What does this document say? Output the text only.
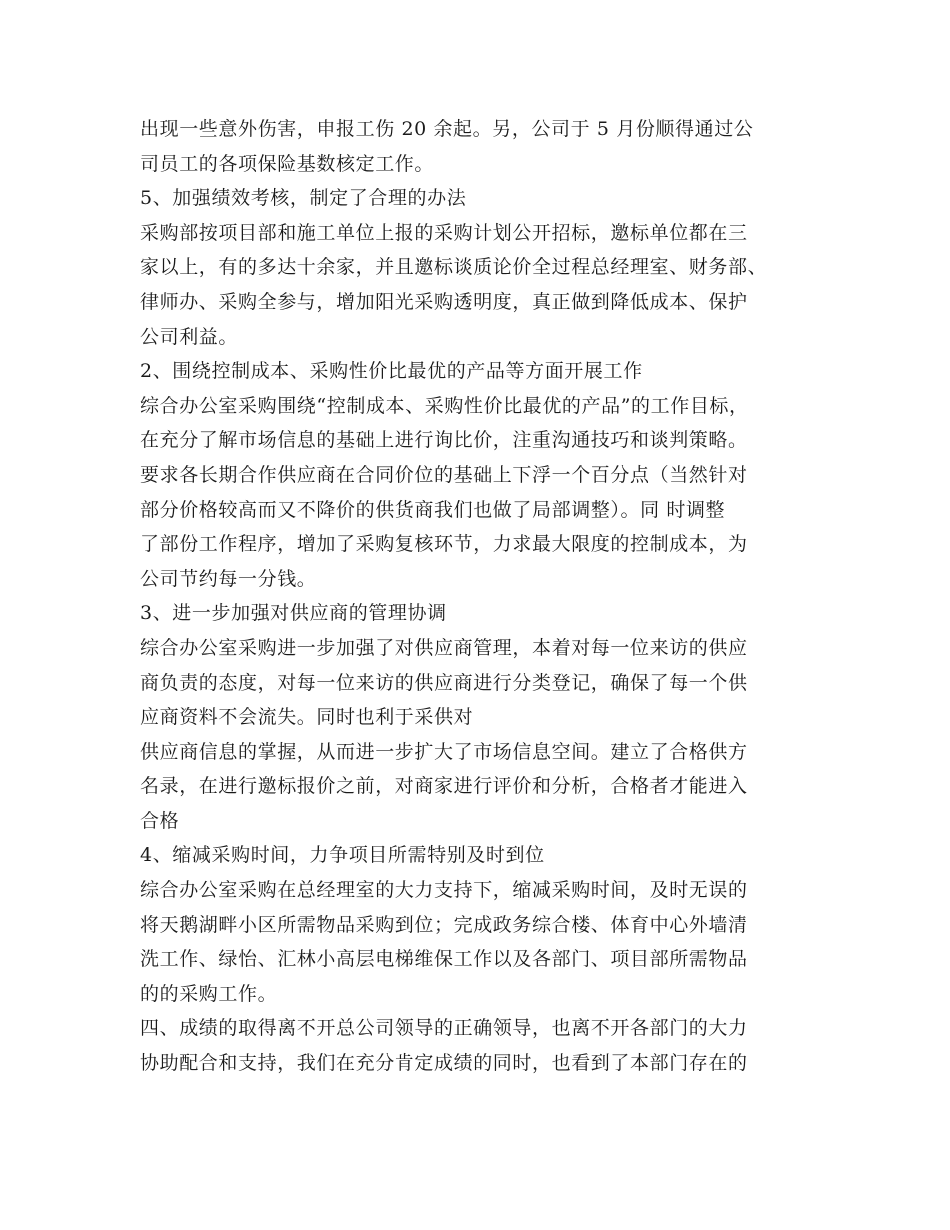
出现一些意外伤害，申报工伤 20 余起。另，公司于 5 月份顺得通过公
司员工的各项保险基数核定工作。
5、加强绩效考核，制定了合理的办法
采购部按项目部和施工单位上报的采购计划公开招标，邀标单位都在三
家以上，有的多达十余家，并且邀标谈质论价全过程总经理室、财务部、
律师办、采购全参与，增加阳光采购透明度，真正做到降低成本、保护
公司利益。
2、围绕控制成本、采购性价比最优的产品等方面开展工作
综合办公室采购围绕“控制成本、采购性价比最优的产品”的工作目标，
在充分了解市场信息的基础上进行询比价，注重沟通技巧和谈判策略。
要求各长期合作供应商在合同价位的基础上下浮一个百分点（当然针对
部分价格较高而又不降价的供货商我们也做了局部调整）。同 时调整
了部份工作程序，增加了采购复核环节，力求最大限度的控制成本，为
公司节约每一分钱。
3、进一步加强对供应商的管理协调
综合办公室采购进一步加强了对供应商管理，本着对每一位来访的供应
商负责的态度，对每一位来访的供应商进行分类登记，确保了每一个供
应商资料不会流失。同时也利于采供对
供应商信息的掌握，从而进一步扩大了市场信息空间。建立了合格供方
名录，在进行邀标报价之前，对商家进行评价和分析，合格者才能进入
合格
4、缩减采购时间，力争项目所需特别及时到位
综合办公室采购在总经理室的大力支持下，缩减采购时间，及时无误的
将天鹅湖畔小区所需物品采购到位；完成政务综合楼、体育中心外墙清
洗工作、绿怡、汇林小高层电梯维保工作以及各部门、项目部所需物品
的的采购工作。
四、成绩的取得离不开总公司领导的正确领导，也离不开各部门的大力
协助配合和支持，我们在充分肯定成绩的同时，也看到了本部门存在的
